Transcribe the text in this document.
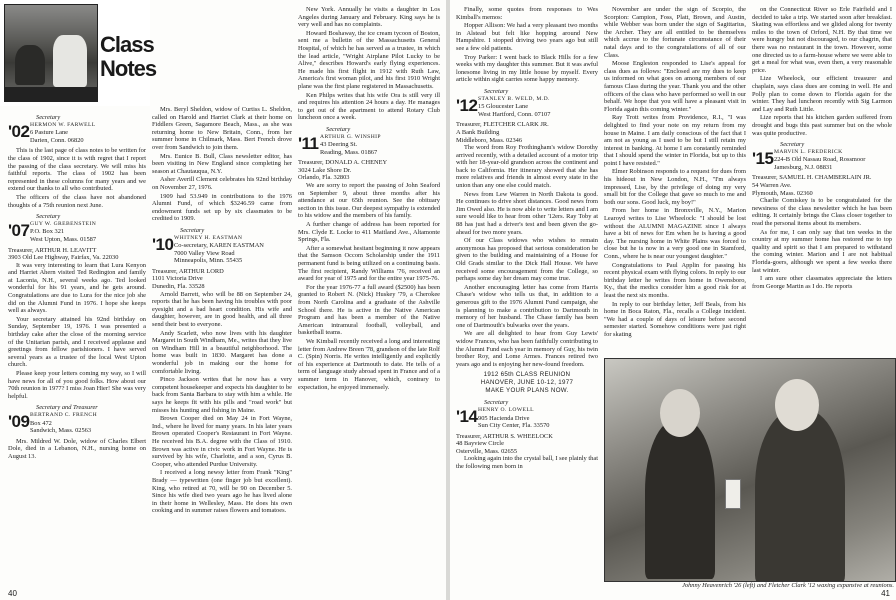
Class
Notes
Secretary
HERMON W. FARWELL
6 Pasture Lane
Darien, Conn. 06820
'02

This is the last page of class notes to be written for the class of 1902, since it is with regret that I report the passing of the class secretary. We will miss his faithful reports. The class of 1902 has been represented in these columns for many years and we extend our thanks to all who contributed.

The officers of the class have not abandoned thoughts of a 75th reunion next June.

Secretary
GUY W. GREBENSTEIN
P.O. Box 321
West Upton, Mass. 01587
'07
Treasurer, ARTHUR H. LEAVITT
3903 Old Lee Highway, Fairfax, Va. 22030

It was very interesting to learn that Lura Kenyon and Harriet Ahern visited Ted Redington and family at Laconia, N.H., several weeks ago. Ted looked wonderful for his 91 years, and he gets around. Congratulations are due to Lura for the nice job she did on the Alumni Fund in 1976. I hope she keeps well as always.

Your secretary attained his 92nd birthday on Sunday, September 19, 1976. I was presented a birthday cake after the close of the morning service of the Unitarian parish, and I received applause and greetings from fellow parishioners. I have served several years as a trustee of the local West Upton church.

Please keep your letters coming my way, so I will have news for all of you good folks. How about our 70th reunion in 1977? I miss Joan Hier! She was very helpful.

Secretary and Treasurer
BERTRAND C. FRENCH
Box 472
Sandwich, Mass. 02563
'09

Mrs. Mildred W. Dole, widow of Charles Elbert Dole, died in a Lebanon, N.H., nursing home on August 13.

Mrs. Beryl Sheldon, widow of Curtiss L. Sheldon, called on Harold and Harriet Clark at their home on Fiddlers Green, Sagamore Beach, Mass., as she was returning home to New Britain, Conn., from her summer home in Chilmark, Mass. Bert French drove over from Sandwich to join them.

Mrs. Eunice B. Bull, Class newsletter editor, has been visiting in New England since completing her season at Chautauqua, N.Y.

Asher Averill Clement celebrates his 92nd birthday on November 27, 1976.

1909 had 53.949 in contributions to the 1976 Alumni Fund, of which $3246.59 came from endowment funds set up by six classmates to be credited to 1909.

Secretary
WHITNEY H. EASTMAN
Co-secretary, KAREN EASTMAN
7000 Valley View Road
Minneapolis, Minn. 55435
'10
Treasurer, ARTHUR LORD
1101 Victoria Drive
Dunedin, Fla. 33528

Arnold Barrett, who will be 88 on September 24, reports that he has been having his troubles with poor eyesight and a bad heart condition. His wife and daughter, however, are in good health, and all three send their best to everyone.

Andy Scarlett, who now lives with his daughter Margaret in South Windham, Me., writes that they live on Windham Hill in a beautiful neighborhood. The home was built in 1830. Margaret has done a wonderful job in making our the home for comfortable living.

Pinco Jackson writes that he now has a very competent housekeeper and expects his daughter to be back from Santa Barbara to stay with him a while. He says he keeps fit with his pills and "road work" but misses his hunting and fishing in Maine.

Brown Cooper died on May 24 in Fort Wayne, Ind., where he lived for many years. In his later years Brown operated Cooper's Restaurant in Fort Wayne. He received his B.A. degree with the Class of 1910. Brown was active in civic work in Fort Wayne. He is survived by his wife, Charlotte, and a son, Cyrus B. Cooper, who attended Purdue University.

I received a long newsy letter from Frank "King" Brady — typewritten (one finger job but excellent). King, who retired at 70, will be 90 on December 5. Since his wife died two years ago he has lived alone in their home in Wellesley, Mass. He does his own cooking and in summer raises flowers and tomatoes.

New York. Annually he visits a daughter in Los Angeles during January and February. King says he is very well and has no complaints.

Howard Boshaway, the ice cream tycoon of Boston, sent me a bulletin of the Massachusetts General Hospital, of which he has served as a trustee, in which the lead article, "Wright Airplane Pilot Lucky to be Alive," describes Howard's early flying experiences. He made his first flight in 1912 with Ruth Law, America's first woman pilot, and his first 1910 Wright plane was the first plane registered in Massachusetts.

Ken Philps writes that his wife Ora is still very ill and requires his attention 24 hours a day. He manages to get out of the apartment to attend Rotary Club luncheon once a week.

Secretary
ARTHUR G. WINSHIP
43 Deering St.
Reading, Mass. 01867
'11
Treasurer, DONALD A. CHENEY
3024 Lake Shore Dr.
Orlando, Fla. 32803

We are sorry to report the passing of John Seaford on September 9, about three months after his attendance at our 65th reunion. See the obituary section in this issue. Our deepest sympathy is extended to his widow and the members of his family.

A further change of address has been reported for Mrs. Clyde E. Locke to 411 Maitland Ave., Altamonte Springs, Fla.

After a somewhat hesitant beginning it now appears that the Samson Occom Scholarship under the 1911 permanent fund is being utilized on a continuing basis. The first recipient, Randy Williams '76, received an award for year of 1975 and for the entire year 1975-76.

For the year 1976-77 a full award ($2500) has been granted to Robert N. (Nick) Huskey '79, a Cherokee from North Carolina and a graduate of the Ashville School there. He is active in the Native American Program and has been a member of the Native American intramural football, volleyball, and basketball teams.

We Kimball recently received a long and interesting letter from Andrew Breen '78, grandson of the late Rolf C. (Spin) Norris. He writes intelligently and explicitly of his experience at Dartmouth to date. He tells of a term of language study abroad spent in France and of a summer term in Hanover, which, contrary to expectation, he enjoyed immensely.

40

Finally, some quotes from responses to Wes Kimball's memos:

Hopper Allison: We had a very pleasant two months in Alstead but felt like hopping around New Hampshire. I stopped driving two years ago but still see a few old patients.

Troy Parker: I went back to Black Hills for a few weeks with my daughter this summer. But it was awful lonesome living in my little house by myself. Every article within sight carries some happy memory.

Secretary
STANLEY B. WELD, M.D.
15 Gloucester Lane
West Hartford, Conn. 07107
'12
Treasurer, FLETCHER CLARK JR.
A Bank Building
Middleboro, Mass. 02346

The word from Roy Frothingham's widow Dorothy arrived recently, with a detailed account of a motor trip with her 18-year-old grandson across the continent and back to California. Her itinerary showed that she has more relatives and friends in almost every state in the union than any one else could match.

News from Lew Warren in North Dakota is good. He continues to drive short distances. Good news from Jim Owed also. He is now able to write letters and I am sure would like to hear from other '12ers. Ray Toby at 88 has just had a driver's test and been given the go-ahead for two more years.

Of our Class widows who wishes to remain anonymous has proposed that serious consideration be given to the building and maintaining of a House for Old Grads similar to the Dick Hall House. We have received some encouragement from the College, so perhaps some day her dream may come true.

Another encouraging letter has come from Harris Chase's widow who tells us that, in addition to a generous gift to the 1976 Alumni Fund campaign, she is planning to make a contribution to Dartmouth in memory of her husband. The Chase family has been one of Dartmouth's bulwarks over the years.

We are all delighted to hear from Guy Lewis' widow Frances, who has been faithfully contributing to the Alumni Fund each year in memory of Guy, his twin brother Roy, and Lome Armes. Frances retired two years ago and is enjoying her new-found freedom.

1912 65th CLASS REUNION
HANOVER, JUNE 10-12, 1977
MAKE YOUR PLANS NOW.
Secretary
HENRY O. LOWELL
905 Hacienda Drive
Sun City Center, Fla. 33570
'14
Treasurer, ARTHUR S. WHEELOCK
48 Bayview Circle
Osterville, Mass. 02655

Looking again into the crystal ball, I see plainly that the following men born in

November are under the sign of Scorpio, the Scorpion: Campion, Foss, Platt, Brown, and Austin, while Webber was born under the sign of Sagittarius, the Archer. They are all entitled to be themselves which accrue to the fortunate circumstance of their natal days and to the congratulations of all of our Class.

Moose Engleston responded to Lise's appeal for class dues as follows: "Enclosed are my dues to keep us informed on what goes on among members of our famous Class during the year. Thank you and the other officers of the class who have performed so well in our behalf. We hope that you will have a pleasant visit in Florida again this coming winter."

Ray Trott writes from Providence, R.I., "I was delighted to find your note on my return from my house in Maine. I am daily conscious of the fact that I am not as young as I used to be but I still retain my interest in banking. At home I am constantly reminded that I should spend the winter in Florida, but up to this point I have resisted."

Elmer Robinson responds to a request for dues from his hideout in New London, N.H., "I'm always impressed, Lise, by the privilege of doing my very small bit for the College that gave so much to me and both our sons. Good luck, my boy!"

From her home in Bronxville, N.Y., Marion Learoyd writes to Lise Wheelock: "I should be lost without the ALUMNI MAGAZINE since I always have a bit of news for Em when he is having a good day. The nursing home in White Plains was forced to close but he is now in a very good one in Stamford, Conn., where he is near our youngest daughter."

Congratulations to Paul Applin for passing his recent physical exam with flying colors. In reply to our birthday letter he writes from home in Owensboro, Ky., that the medics consider him a good risk for at least the next six months.

In reply to our birthday letter, Jeff Beals, from his home in Boca Raton, Fla., recalls a College incident. "We had a couple of days of leisure before second semester started. Somehow conditions were just right for skating

on the Connecticut River so Erle Fairfield and I decided to take a trip. We started soon after breakfast. Skating was effortless and we glided along for twenty miles to the town of Orford, N.H. By that time we were hungry but not discouraged, to our chagrin, that there was no restaurant in the town. However, some one directed us to a farm-house where we were able to get a meal for what was, even then, a very reasonable price.

Lize Wheelock, our efficient treasurer and chaplain, says class dues are coming in well. He and Polly plan to come down to Florida again for the winter. They had luncheon recently with Sig Larmon and Lay and Ruth Little.

Lize reports that his kitchen garden suffered from drought and bugs this past summer but on the whole was quite productive.

Secretary
MARVIN L. FREDERICK
224-B Old Nassau Road, Rossmoor
Jamesburg, N.J. 08831
'15
Treasurer, SAMUEL H. CHAMBERLAIN JR.
54 Warren Ave.
Plymouth, Mass. 02360

Charlie Comiskey is to be congratulated for the newsiness of the class newsletter which he has been editing. It certainly brings the Class closer together to read the personal items about its members.

As for me, I can only say that ten weeks in the country at my summer home has restored me to top quality and spirit so that I am prepared to withstand the coming winter. Marion and I are not habitual Florida-goers, although we spent a few weeks there last winter.

I am sure other classmates appreciate the letters from George Martin as I do. He reports

Johnny Heavenrich '26 (left) and Fletcher Clark '12 waxing expansive at reunions.
41
